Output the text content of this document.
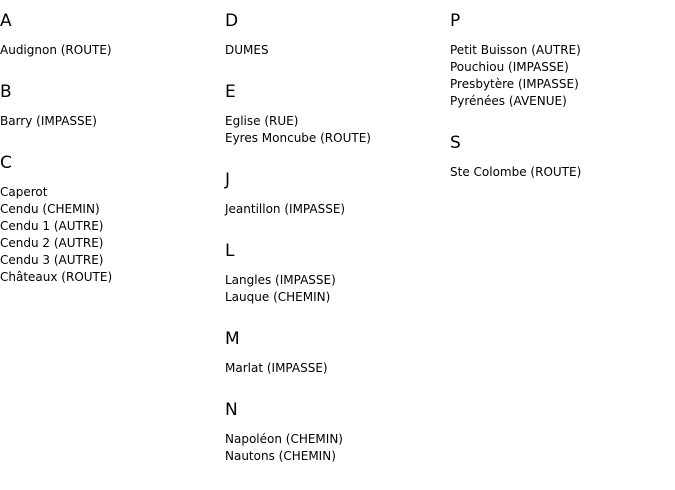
A
Audignon (ROUTE)
B
Barry (IMPASSE)
C
Caperot
Cendu (CHEMIN)
Cendu 1 (AUTRE)
Cendu 2 (AUTRE)
Cendu 3 (AUTRE)
Châteaux (ROUTE)
D
DUMES
E
Eglise (RUE)
Eyres Moncube (ROUTE)
J
Jeantillon (IMPASSE)
L
Langles (IMPASSE)
Lauque (CHEMIN)
M
Marlat (IMPASSE)
N
Napoléon (CHEMIN)
Nautons (CHEMIN)
P
Petit Buisson (AUTRE)
Pouchiou (IMPASSE)
Presbytère (IMPASSE)
Pyrénées (AVENUE)
S
Ste Colombe (ROUTE)
